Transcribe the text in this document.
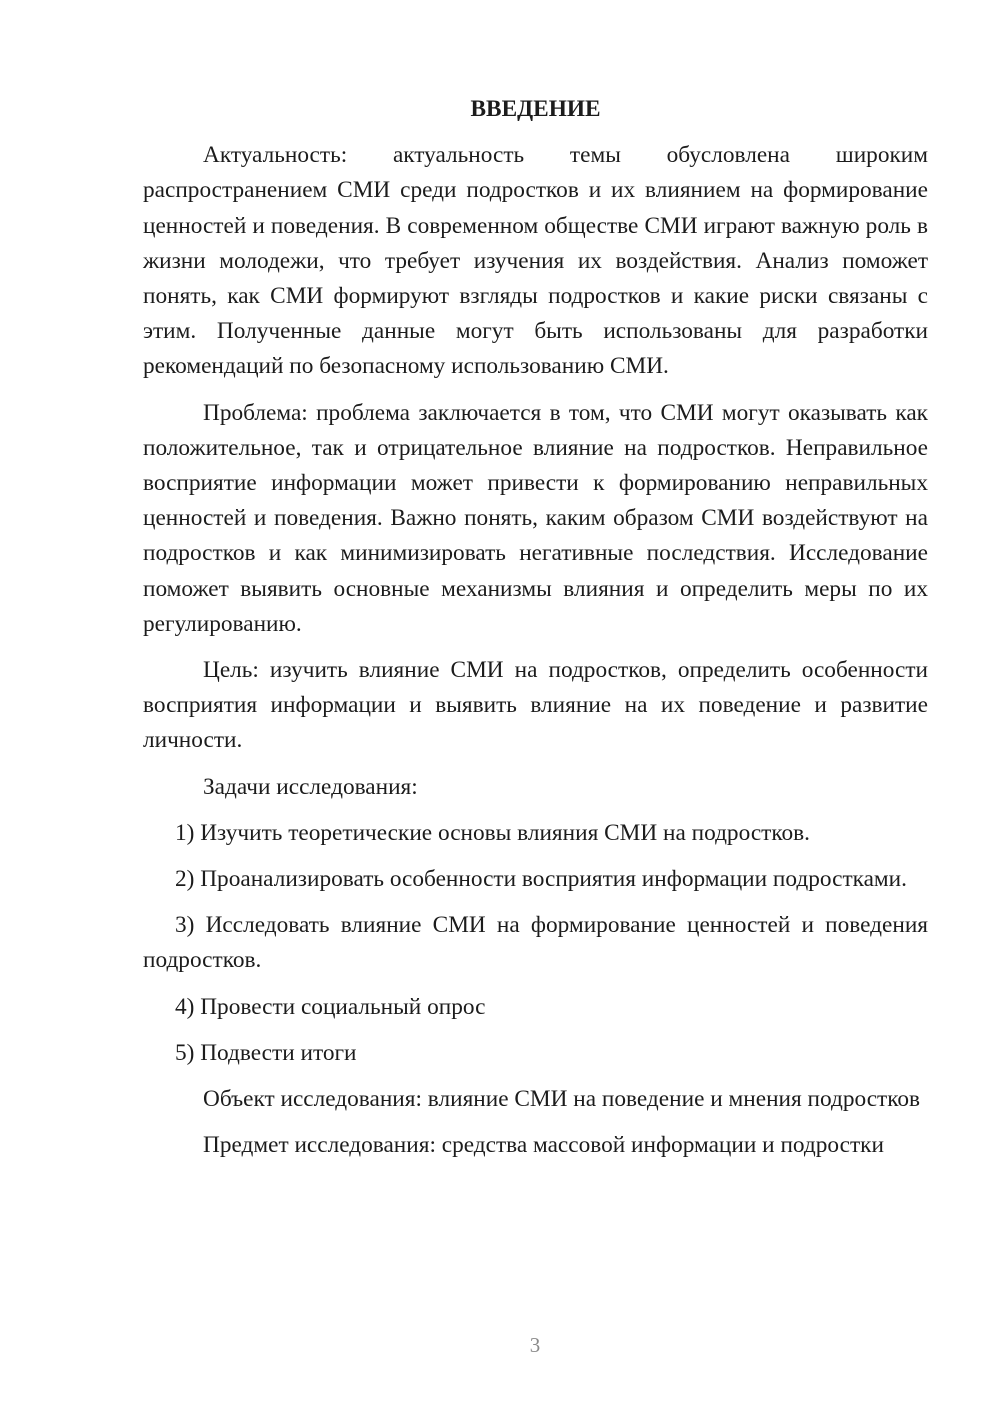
ВВЕДЕНИЕ

Актуальность: актуальность темы обусловлена широким распространением СМИ среди подростков и их влиянием на формирование ценностей и поведения. В современном обществе СМИ играют важную роль в жизни молодежи, что требует изучения их воздействия. Анализ поможет понять, как СМИ формируют взгляды подростков и какие риски связаны с этим. Полученные данные могут быть использованы для разработки рекомендаций по безопасному использованию СМИ.

Проблема: проблема заключается в том, что СМИ могут оказывать как положительное, так и отрицательное влияние на подростков. Неправильное восприятие информации может привести к формированию неправильных ценностей и поведения. Важно понять, каким образом СМИ воздействуют на подростков и как минимизировать негативные последствия. Исследование поможет выявить основные механизмы влияния и определить меры по их регулированию.

Цель: изучить влияние СМИ на подростков, определить особенности восприятия информации и выявить влияние на их поведение и развитие личности.

Задачи исследования:

1) Изучить теоретические основы влияния СМИ на подростков.

2) Проанализировать особенности восприятия информации подростками.

3) Исследовать влияние СМИ на формирование ценностей и поведения подростков.

4) Провести социальный опрос

5) Подвести итоги

Объект исследования: влияние СМИ на поведение и мнения подростков

Предмет исследования: средства массовой информации и подростки

3
